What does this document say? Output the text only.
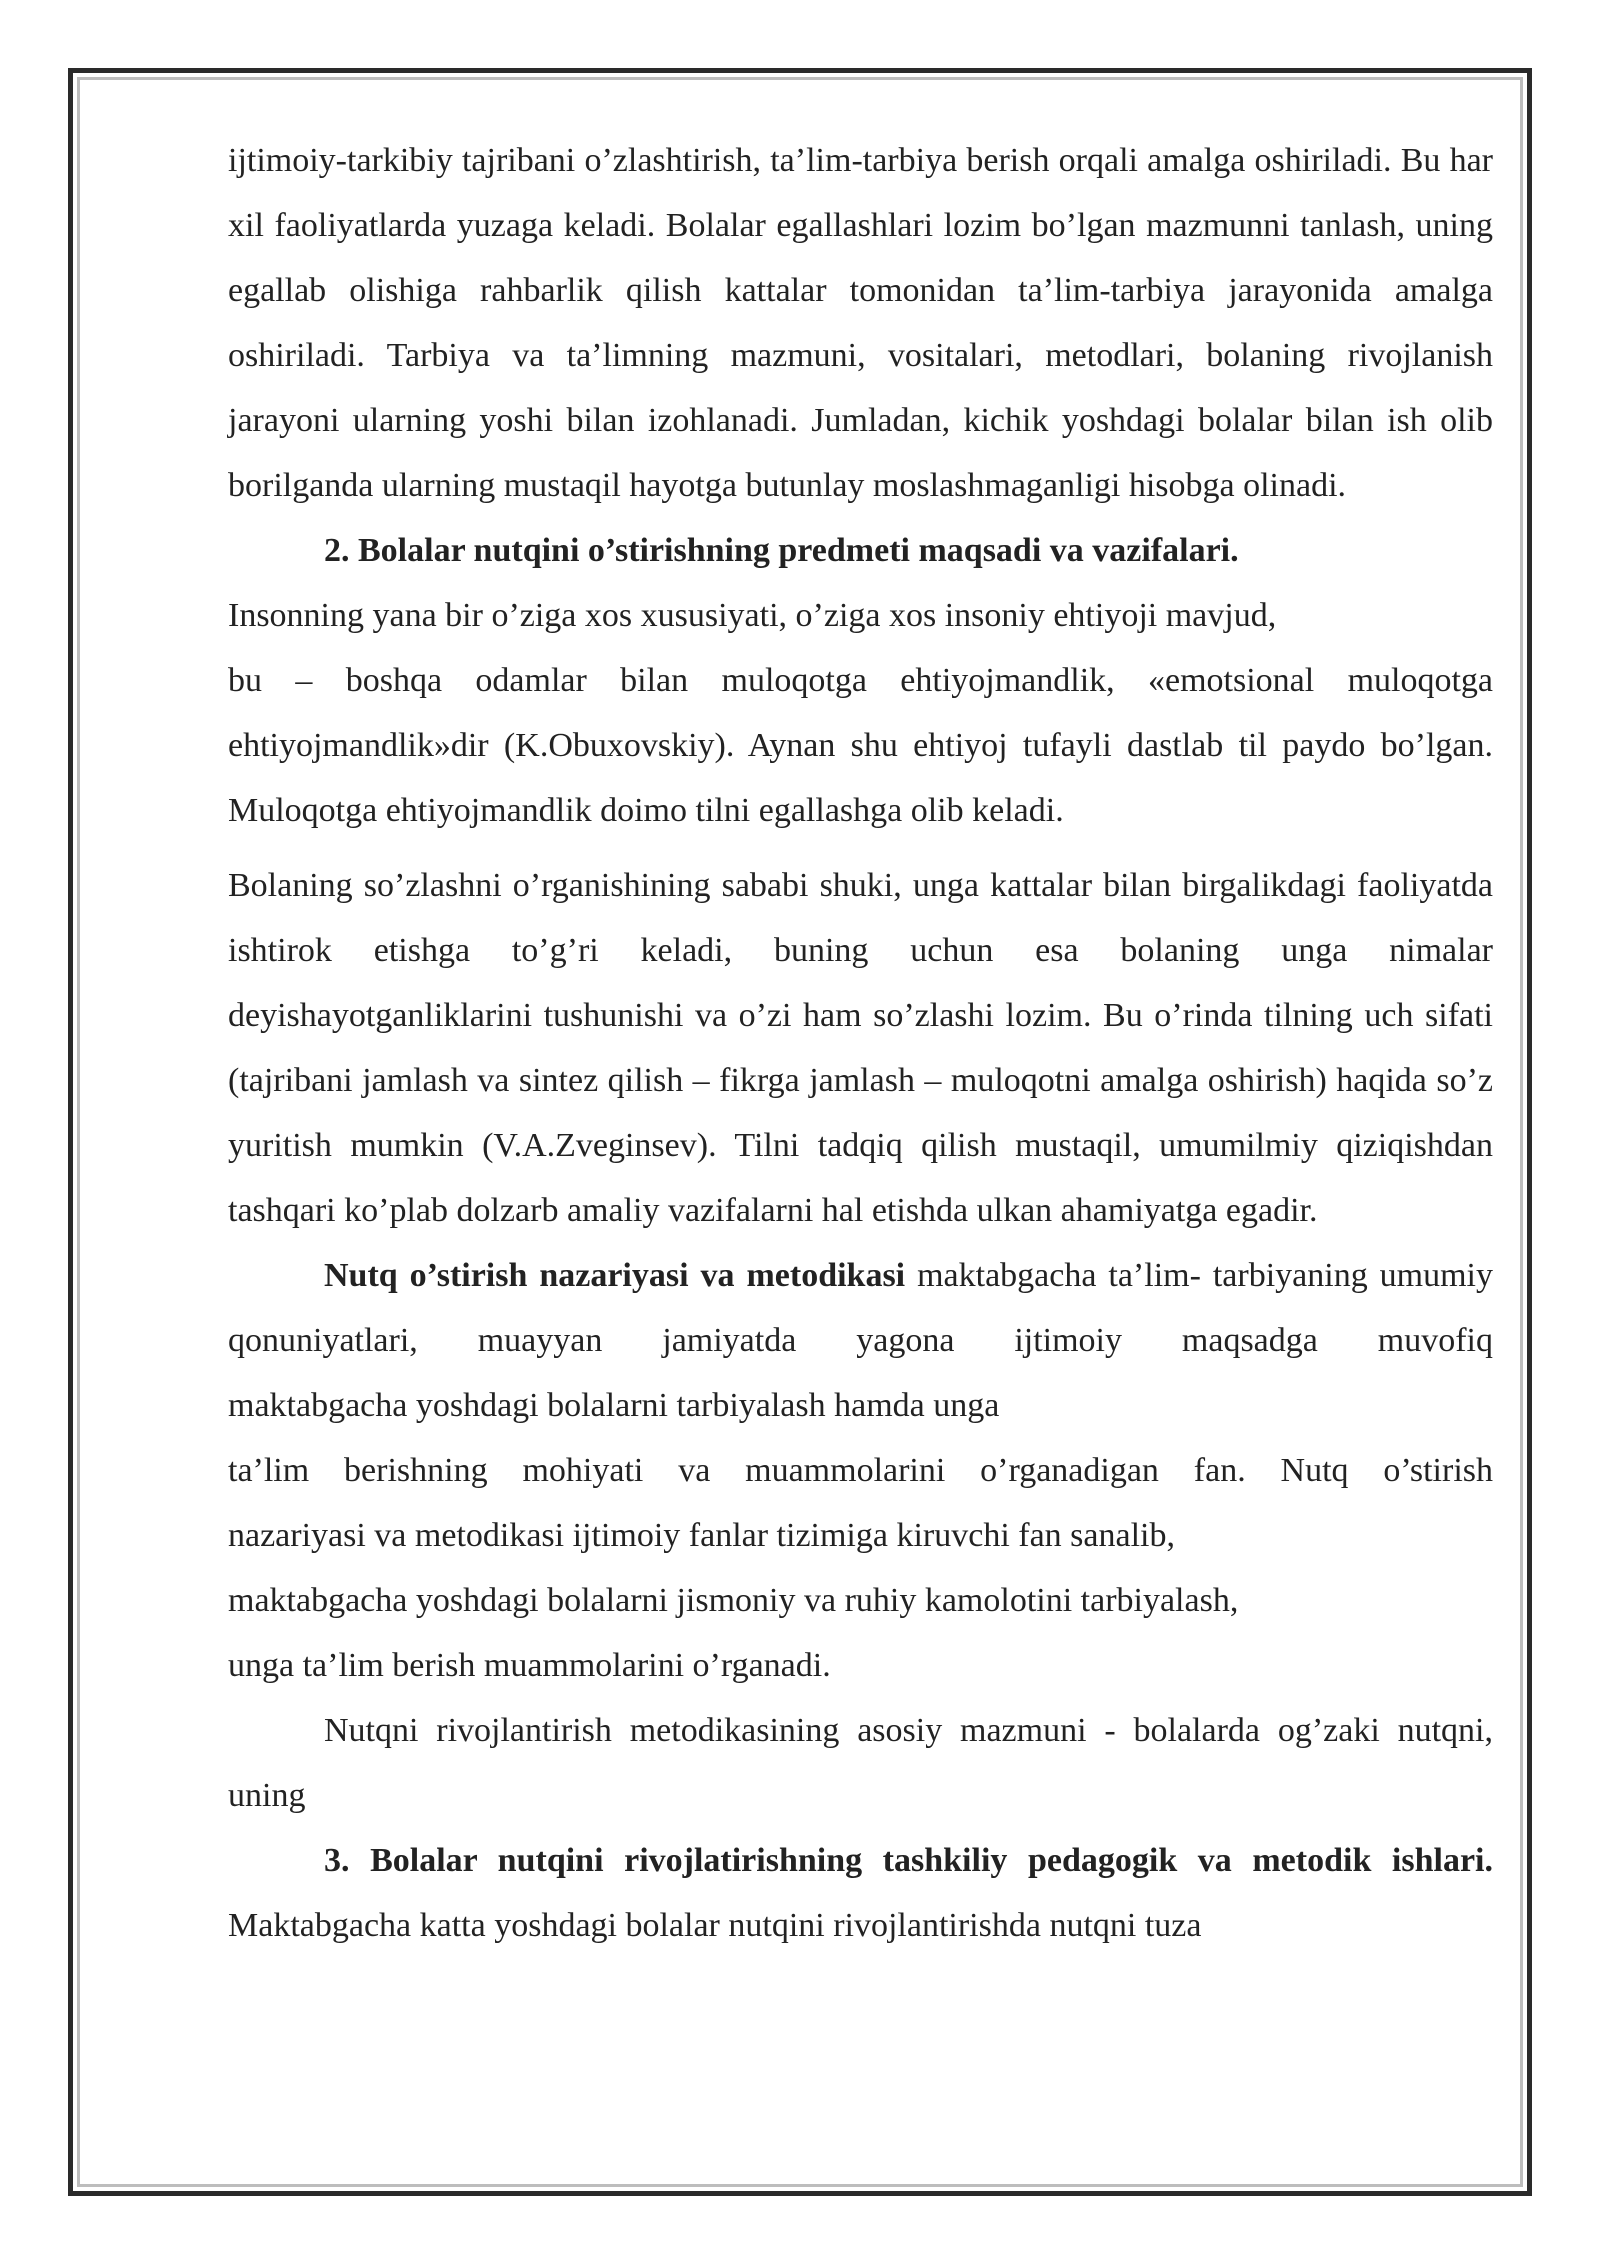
ijtimoiy-tarkibiy tajribani o’zlashtirish, ta’lim-tarbiya berish orqali amalga oshiriladi. Bu har xil faoliyatlarda yuzaga keladi. Bolalar egallashlari lozim bo’lgan mazmunni tanlash, uning egallab olishiga rahbarlik qilish kattalar tomonidan ta’lim-tarbiya jarayonida amalga oshiriladi. Tarbiya va ta’limning mazmuni, vositalari, metodlari, bolaning rivojlanish jarayoni ularning yoshi bilan izohlanadi. Jumladan, kichik yoshdagi bolalar bilan ish olib borilganda ularning mustaqil hayotga butunlay moslashmaganligi hisobga olinadi.

2. Bolalar nutqini o’stirishning predmeti maqsadi va vazifalari.

Insonning yana bir o’ziga xos xususiyati, o’ziga xos insoniy ehtiyoji mavjud,

bu – boshqa odamlar bilan muloqotga ehtiyojmandlik, «emotsional muloqotga ehtiyojmandlik»dir (K.Obuxovskiy). Aynan shu ehtiyoj tufayli dastlab til paydo bo’lgan. Muloqotga ehtiyojmandlik doimo tilni egallashga olib keladi.

Bolaning so’zlashni o’rganishining sababi shuki, unga kattalar bilan birgalikdagi faoliyatda ishtirok etishga to’g’ri keladi, buning uchun esa bolaning unga nimalar deyishayotganliklarini tushunishi va o’zi ham so’zlashi lozim. Bu o’rinda tilning uch sifati (tajribani jamlash va sintez qilish – fikrga jamlash – muloqotni amalga oshirish) haqida so’z yuritish mumkin (V.A.Zveginsev). Tilni tadqiq qilish mustaqil, umumilmiy qiziqishdan tashqari ko’plab dolzarb amaliy vazifalarni hal etishda ulkan ahamiyatga egadir.

Nutq o’stirish nazariyasi va metodikasi maktabgacha ta’lim- tarbiyaning umumiy qonuniyatlari, muayyan jamiyatda yagona ijtimoiy maqsadga muvofiq

maktabgacha yoshdagi bolalarni tarbiyalash hamda unga

ta’lim berishning mohiyati va muammolarini o’rganadigan fan. Nutq o’stirish

nazariyasi va metodikasi ijtimoiy fanlar tizimiga kiruvchi fan sanalib,

maktabgacha yoshdagi bolalarni jismoniy va ruhiy kamolotini tarbiyalash,

unga ta’lim berish muammolarini o’rganadi.

Nutqni rivojlantirish metodikasining asosiy mazmuni - bolalarda og’zaki nutqni, uning

3. Bolalar nutqini rivojlatirishning tashkiliy pedagogik va metodik ishlari. Maktabgacha katta yoshdagi bolalar nutqini rivojlantirishda nutqni tuza
